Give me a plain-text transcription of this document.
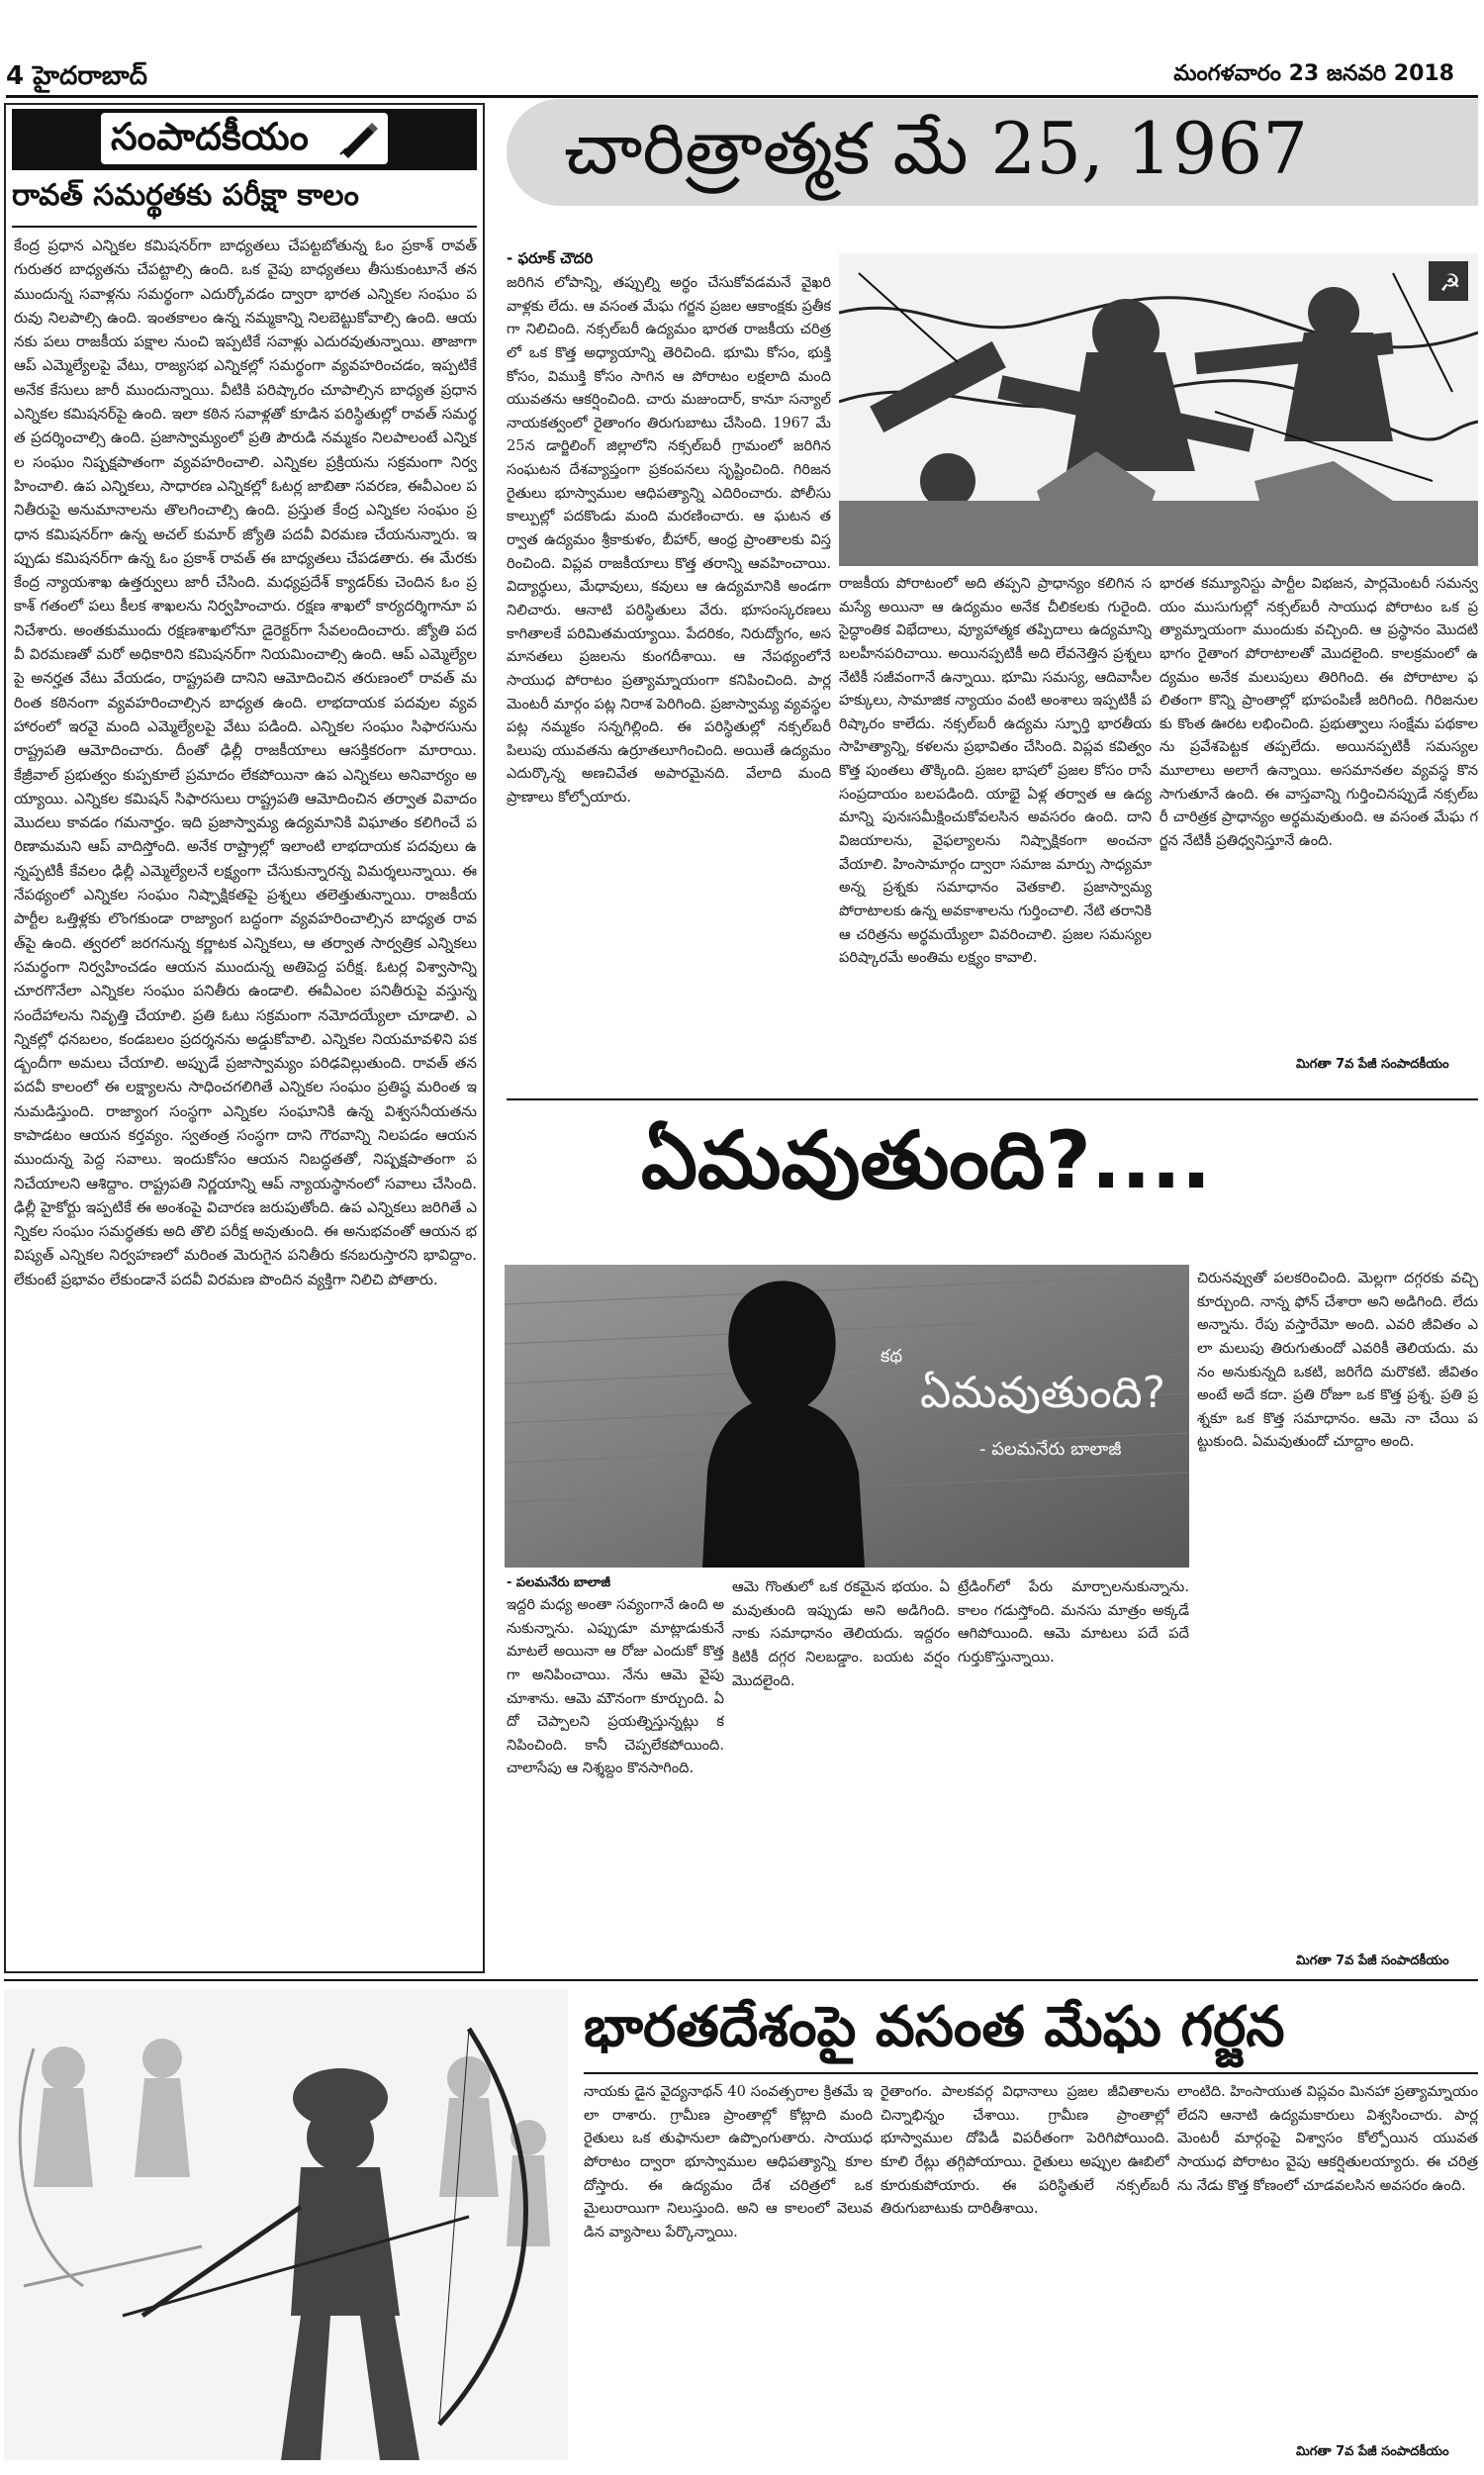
4 హైదరాబాద్	మంగళవారం 23 జనవరి 2018
సంపాదకీయం
రావత్‌ సమర్థతకు పరీక్షా కాలం
కేంద్ర ప్రధాన ఎన్నికల కమిషనర్‌గా బాధ్యతలు చేపట్టబోతున్న ఓం ప్రకాశ్‌ రావత్‌ గురుతర బాధ్యతను చేపట్టాల్సి ఉంది. ఒక వైపు బాధ్యతలు తీసుకుంటూనే తన ముందున్న సవాళ్లను సమర్థంగా ఎదుర్కోవడం ద్వారా భారత ఎన్నికల సంఘం పరువు నిలపాల్సి ఉంది. ఇంతకాలం ఉన్న నమ్మకాన్ని నిలబెట్టుకోవాల్సి ఉంది. ఆయనకు పలు రాజకీయ పక్షాల నుంచి ఇప్పటికే సవాళ్లు ఎదురవుతున్నాయి. తాజాగా ఆప్‌ ఎమ్మెల్యేలపై వేటు, రాజ్యసభ ఎన్నికల్లో సమర్థంగా వ్యవహరించడం, ఇప్పటికే అనేక కేసులు జారీ ముందున్నాయి. వీటికి పరిష్కారం చూపాల్సిన బాధ్యత ప్రధాన ఎన్నికల కమిషనర్‌పై ఉంది. ఇలా కఠిన సవాళ్లతో కూడిన పరిస్థితుల్లో రావత్‌ సమర్థత ప్రదర్శించాల్సి ఉంది. ప్రజాస్వామ్యంలో ప్రతి పౌరుడి నమ్మకం నిలపాలంటే ఎన్నికల సంఘం నిష్పక్షపాతంగా వ్యవహరించాలి. ఎన్నికల ప్రక్రియను సక్రమంగా నిర్వహించాలి. ఉప ఎన్నికలు, సాధారణ ఎన్నికల్లో ఓటర్ల జాబితా సవరణ, ఈవీఎంల పనితీరుపై అనుమానాలను తొలగించాల్సి ఉంది. ప్రస్తుత కేంద్ర ఎన్నికల సంఘం ప్రధాన కమిషనర్‌గా ఉన్న అచల్‌ కుమార్‌ జ్యోతి పదవీ విరమణ చేయనున్నారు. ఇప్పుడు కమిషనర్‌గా ఉన్న ఓం ప్రకాశ్‌ రావత్‌ ఈ బాధ్యతలు చేపడతారు. ఈ మేరకు కేంద్ర న్యాయశాఖ ఉత్తర్వులు జారీ చేసింది. మధ్యప్రదేశ్‌ క్యాడర్‌కు చెందిన ఓం ప్రకాశ్‌ గతంలో పలు కీలక శాఖలను నిర్వహించారు. రక్షణ శాఖలో కార్యదర్శిగానూ పనిచేశారు. అంతకుముందు రక్షణశాఖలోనూ డైరెక్టర్‌గా సేవలందించారు. జ్యోతి పదవీ విరమణతో మరో అధికారిని కమిషనర్‌గా నియమించాల్సి ఉంది. ఆప్‌ ఎమ్మెల్యేలపై అనర్హత వేటు వేయడం, రాష్ట్రపతి దానిని ఆమోదించిన తరుణంలో రావత్‌ మరింత కఠినంగా వ్యవహరించాల్సిన బాధ్యత ఉంది. లాభదాయక పదవుల వ్యవహారంలో ఇరవై మంది ఎమ్మెల్యేలపై వేటు పడింది. ఎన్నికల సంఘం సిఫారసును రాష్ట్రపతి ఆమోదించారు. దీంతో ఢిల్లీ రాజకీయాలు ఆసక్తికరంగా మారాయి. కేజ్రీవాల్‌ ప్రభుత్వం కుప్పకూలే ప్రమాదం లేకపోయినా ఉప ఎన్నికలు అనివార్యం అయ్యాయి. ఎన్నికల కమిషన్‌ సిఫారసులు రాష్ట్రపతి ఆమోదించిన తర్వాత వివాదం మొదలు కావడం గమనార్హం. ఇది ప్రజాస్వామ్య ఉద్యమానికి విఘాతం కలిగించే పరిణామమని ఆప్‌ వాదిస్తోంది. అనేక రాష్ట్రాల్లో ఇలాంటి లాభదాయక పదవులు ఉన్నప్పటికీ కేవలం ఢిల్లీ ఎమ్మెల్యేలనే లక్ష్యంగా చేసుకున్నారన్న విమర్శలున్నాయి. ఈ నేపథ్యంలో ఎన్నికల సంఘం నిష్పాక్షికతపై ప్రశ్నలు తలెత్తుతున్నాయి. రాజకీయ పార్టీల ఒత్తిళ్లకు లొంగకుండా రాజ్యాంగ బద్ధంగా వ్యవహరించాల్సిన బాధ్యత రావత్‌పై ఉంది. త్వరలో జరగనున్న కర్ణాటక ఎన్నికలు, ఆ తర్వాత సార్వత్రిక ఎన్నికలు సమర్థంగా నిర్వహించడం ఆయన ముందున్న అతిపెద్ద పరీక్ష. ఓటర్ల విశ్వాసాన్ని చూరగొనేలా ఎన్నికల సంఘం పనితీరు ఉండాలి. ఈవీఎంల పనితీరుపై వస్తున్న సందేహాలను నివృత్తి చేయాలి. ప్రతి ఓటు సక్రమంగా నమోదయ్యేలా చూడాలి. ఎన్నికల్లో ధనబలం, కండబలం ప్రదర్శనను అడ్డుకోవాలి. ఎన్నికల నియమావళిని పకడ్బందీగా అమలు చేయాలి. అప్పుడే ప్రజాస్వామ్యం పరిఢవిల్లుతుంది. రావత్‌ తన పదవీ కాలంలో ఈ లక్ష్యాలను సాధించగలిగితే ఎన్నికల సంఘం ప్రతిష్ఠ మరింత ఇనుమడిస్తుంది. రాజ్యాంగ సంస్థగా ఎన్నికల సంఘానికి ఉన్న విశ్వసనీయతను కాపాడటం ఆయన కర్తవ్యం. స్వతంత్ర సంస్థగా దాని గౌరవాన్ని నిలపడం ఆయన ముందున్న పెద్ద సవాలు. ఇందుకోసం ఆయన నిబద్ధతతో, నిష్పక్షపాతంగా పనిచేయాలని ఆశిద్దాం. రాష్ట్రపతి నిర్ణయాన్ని ఆప్‌ న్యాయస్థానంలో సవాలు చేసింది. ఢిల్లీ హైకోర్టు ఇప్పటికే ఈ అంశంపై విచారణ జరుపుతోంది. ఉప ఎన్నికలు జరిగితే ఎన్నికల సంఘం సమర్థతకు అది తొలి పరీక్ష అవుతుంది. ఈ అనుభవంతో ఆయన భవిష్యత్‌ ఎన్నికల నిర్వహణలో మరింత మెరుగైన పనితీరు కనబరుస్తారని భావిద్దాం. లేకుంటే ప్రభావం లేకుండానే పదవీ విరమణ పొందిన వ్యక్తిగా నిలిచి పోతారు.
చారిత్రాత్మక మే 25, 1967
- ఫరూక్‌ చౌదరి
జరిగిన లోపాన్ని, తప్పుల్ని అర్థం చేసుకోవడమనే వైఖరి వాళ్లకు లేదు. ఆ వసంత మేఘ గర్జన ప్రజల ఆకాంక్షకు ప్రతీకగా నిలిచింది. నక్సల్‌బరీ ఉద్యమం భారత రాజకీయ చరిత్రలో ఒక కొత్త అధ్యాయాన్ని తెరిచింది. భూమి కోసం, భుక్తి కోసం, విముక్తి కోసం సాగిన ఆ పోరాటం లక్షలాది మంది యువతను ఆకర్షించింది. చారు మజుందార్‌, కానూ సన్యాల్‌ నాయకత్వంలో రైతాంగం తిరుగుబాటు చేసింది. 1967 మే 25న డార్జిలింగ్‌ జిల్లాలోని నక్సల్‌బరీ గ్రామంలో జరిగిన సంఘటన దేశవ్యాప్తంగా ప్రకంపనలు సృష్టించింది. గిరిజన రైతులు భూస్వాముల ఆధిపత్యాన్ని ఎదిరించారు. పోలీసు కాల్పుల్లో పదకొండు మంది మరణించారు. ఆ ఘటన తర్వాత ఉద్యమం శ్రీకాకుళం, బీహార్‌, ఆంధ్ర ప్రాంతాలకు విస్తరించింది. విప్లవ రాజకీయాలు కొత్త తరాన్ని ఆవహించాయి. విద్యార్థులు, మేధావులు, కవులు ఆ ఉద్యమానికి అండగా నిలిచారు. ఆనాటి పరిస్థితులు వేరు. భూసంస్కరణలు కాగితాలకే పరిమితమయ్యాయి. పేదరికం, నిరుద్యోగం, అసమానతలు ప్రజలను కుంగదీశాయి. ఆ నేపథ్యంలోనే సాయుధ పోరాటం ప్రత్యామ్నాయంగా కనిపించింది. పార్లమెంటరీ మార్గం పట్ల నిరాశ పెరిగింది. ప్రజాస్వామ్య వ్యవస్థల పట్ల నమ్మకం సన్నగిల్లింది. ఈ పరిస్థితుల్లో నక్సల్‌బరీ పిలుపు యువతను ఉర్రూతలూగించింది. అయితే ఉద్యమం ఎదుర్కొన్న అణచివేత అపారమైనది. వేలాది మంది ప్రాణాలు కోల్పోయారు.
☭
రాజకీయ పోరాటంలో అది తప్పని ప్రాధాన్యం కలిగిన సమస్యే అయినా ఆ ఉద్యమం అనేక చీలికలకు గురైంది. సైద్ధాంతిక విభేదాలు, వ్యూహాత్మక తప్పిదాలు ఉద్యమాన్ని బలహీనపరిచాయి. అయినప్పటికీ అది లేవనెత్తిన ప్రశ్నలు నేటికీ సజీవంగానే ఉన్నాయి. భూమి సమస్య, ఆదివాసీల హక్కులు, సామాజిక న్యాయం వంటి అంశాలు ఇప్పటికీ పరిష్కారం కాలేదు. నక్సల్‌బరీ ఉద్యమ స్ఫూర్తి భారతీయ సాహిత్యాన్ని, కళలను ప్రభావితం చేసింది. విప్లవ కవిత్వం కొత్త పుంతలు తొక్కింది. ప్రజల భాషలో ప్రజల కోసం రాసే సంప్రదాయం బలపడింది. యాభై ఏళ్ల తర్వాత ఆ ఉద్యమాన్ని పునఃసమీక్షించుకోవలసిన అవసరం ఉంది. దాని విజయాలను, వైఫల్యాలను నిష్పాక్షికంగా అంచనా వేయాలి. హింసామార్గం ద్వారా సమాజ మార్పు సాధ్యమా అన్న ప్రశ్నకు సమాధానం వెతకాలి. ప్రజాస్వామ్య పోరాటాలకు ఉన్న అవకాశాలను గుర్తించాలి. నేటి తరానికి ఆ చరిత్రను అర్థమయ్యేలా వివరించాలి. ప్రజల సమస్యల పరిష్కారమే అంతిమ లక్ష్యం కావాలి.
భారత కమ్యూనిస్టు పార్టీల విభజన, పార్లమెంటరీ సమన్వయం ముసుగుల్లో నక్సల్‌బరీ సాయుధ పోరాటం ఒక ప్రత్యామ్నాయంగా ముందుకు వచ్చింది. ఆ ప్రస్థానం మొదటి భాగం రైతాంగ పోరాటాలతో మొదలైంది. కాలక్రమంలో ఉద్యమం అనేక మలుపులు తిరిగింది. ఈ పోరాటాల ఫలితంగా కొన్ని ప్రాంతాల్లో భూపంపిణీ జరిగింది. గిరిజనులకు కొంత ఊరట లభించింది. ప్రభుత్వాలు సంక్షేమ పథకాలను ప్రవేశపెట్టక తప్పలేదు. అయినప్పటికీ సమస్యల మూలాలు అలాగే ఉన్నాయి. అసమానతల వ్యవస్థ కొనసాగుతూనే ఉంది. ఈ వాస్తవాన్ని గుర్తించినప్పుడే నక్సల్‌బరీ చారిత్రక ప్రాధాన్యం అర్థమవుతుంది. ఆ వసంత మేఘ గర్జన నేటికీ ప్రతిధ్వనిస్తూనే ఉంది.
మిగతా 7వ పేజీ సంపాదకీయం
ఏమవుతుంది?....
కథ
ఏమవుతుంది?
- పలమనేరు బాలాజీ
- పలమనేరు బాలాజీ
ఇద్దరి మధ్య అంతా సవ్యంగానే ఉంది అనుకున్నాను. ఎప్పుడూ మాట్లాడుకునే మాటలే అయినా ఆ రోజు ఎందుకో కొత్తగా అనిపించాయి. నేను ఆమె వైపు చూశాను. ఆమె మౌనంగా కూర్చుంది. ఏదో చెప్పాలని ప్రయత్నిస్తున్నట్లు కనిపించింది. కానీ చెప్పలేకపోయింది. చాలాసేపు ఆ నిశ్శబ్దం కొనసాగింది.
ఆమె గొంతులో ఒక రకమైన భయం. ఏమవుతుంది ఇప్పుడు అని అడిగింది. నాకు సమాధానం తెలియదు. ఇద్దరం కిటికీ దగ్గర నిలబడ్డాం. బయట వర్షం మొదలైంది.
ట్రేడింగ్‌లో పేరు మార్చాలనుకున్నాను. కాలం గడుస్తోంది. మనసు మాత్రం అక్కడే ఆగిపోయింది. ఆమె మాటలు పదే పదే గుర్తుకొస్తున్నాయి.
చిరునవ్వుతో పలకరించింది. మెల్లగా దగ్గరకు వచ్చి కూర్చుంది. నాన్న ఫోన్‌ చేశారా అని అడిగింది. లేదు అన్నాను. రేపు వస్తారేమో అంది. ఎవరి జీవితం ఎలా మలుపు తిరుగుతుందో ఎవరికీ తెలియదు. మనం అనుకున్నది ఒకటి, జరిగేది మరొకటి. జీవితం అంటే అదే కదా. ప్రతి రోజూ ఒక కొత్త ప్రశ్న. ప్రతి ప్రశ్నకూ ఒక కొత్త సమాధానం. ఆమె నా చేయి పట్టుకుంది. ఏమవుతుందో చూద్దాం అంది.
మిగతా 7వ పేజీ సంపాదకీయం
భారతదేశంపై వసంత మేఘ గర్జన
నాయకు డైన వైద్యనాథన్‌ 40 సంవత్సరాల క్రితమే ఇలా రాశారు. గ్రామీణ ప్రాంతాల్లో కోట్లాది మంది రైతులు ఒక తుఫానులా ఉప్పొంగుతారు. సాయుధ పోరాటం ద్వారా భూస్వాముల ఆధిపత్యాన్ని కూలదోస్తారు. ఈ ఉద్యమం దేశ చరిత్రలో ఒక మైలురాయిగా నిలుస్తుంది. అని ఆ కాలంలో వెలువడిన వ్యాసాలు పేర్కొన్నాయి.
రైతాంగం. పాలకవర్గ విధానాలు ప్రజల జీవితాలను చిన్నాభిన్నం చేశాయి. గ్రామీణ ప్రాంతాల్లో భూస్వాముల దోపిడీ విపరీతంగా పెరిగిపోయింది. కూలి రేట్లు తగ్గిపోయాయి. రైతులు అప్పుల ఊబిలో కూరుకుపోయారు. ఈ పరిస్థితులే నక్సల్‌బరీ తిరుగుబాటుకు దారితీశాయి.
లాంటిది. హింసాయుత విప్లవం మినహా ప్రత్యామ్నాయం లేదని ఆనాటి ఉద్యమకారులు విశ్వసించారు. పార్లమెంటరీ మార్గంపై విశ్వాసం కోల్పోయిన యువత సాయుధ పోరాటం వైపు ఆకర్షితులయ్యారు. ఈ చరిత్రను నేడు కొత్త కోణంలో చూడవలసిన అవసరం ఉంది.
మిగతా 7వ పేజీ సంపాదకీయం
